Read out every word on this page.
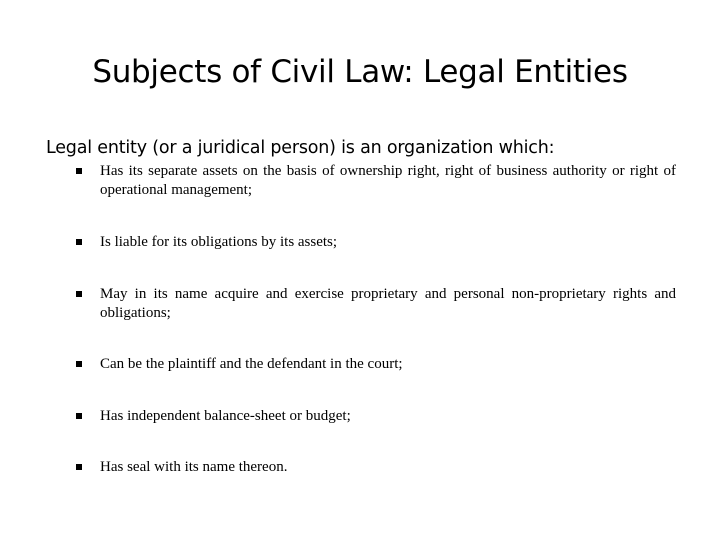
Subjects of Civil Law: Legal Entities
Legal entity (or a juridical person) is an organization which:
Has its separate assets on the basis of ownership right, right of business authority or right of operational management;
Is liable for its obligations by its assets;
May in its name acquire and exercise proprietary and personal non-proprietary rights and obligations;
Can be the plaintiff and the defendant in the court;
Has independent balance-sheet or budget;
Has seal with its name thereon.
